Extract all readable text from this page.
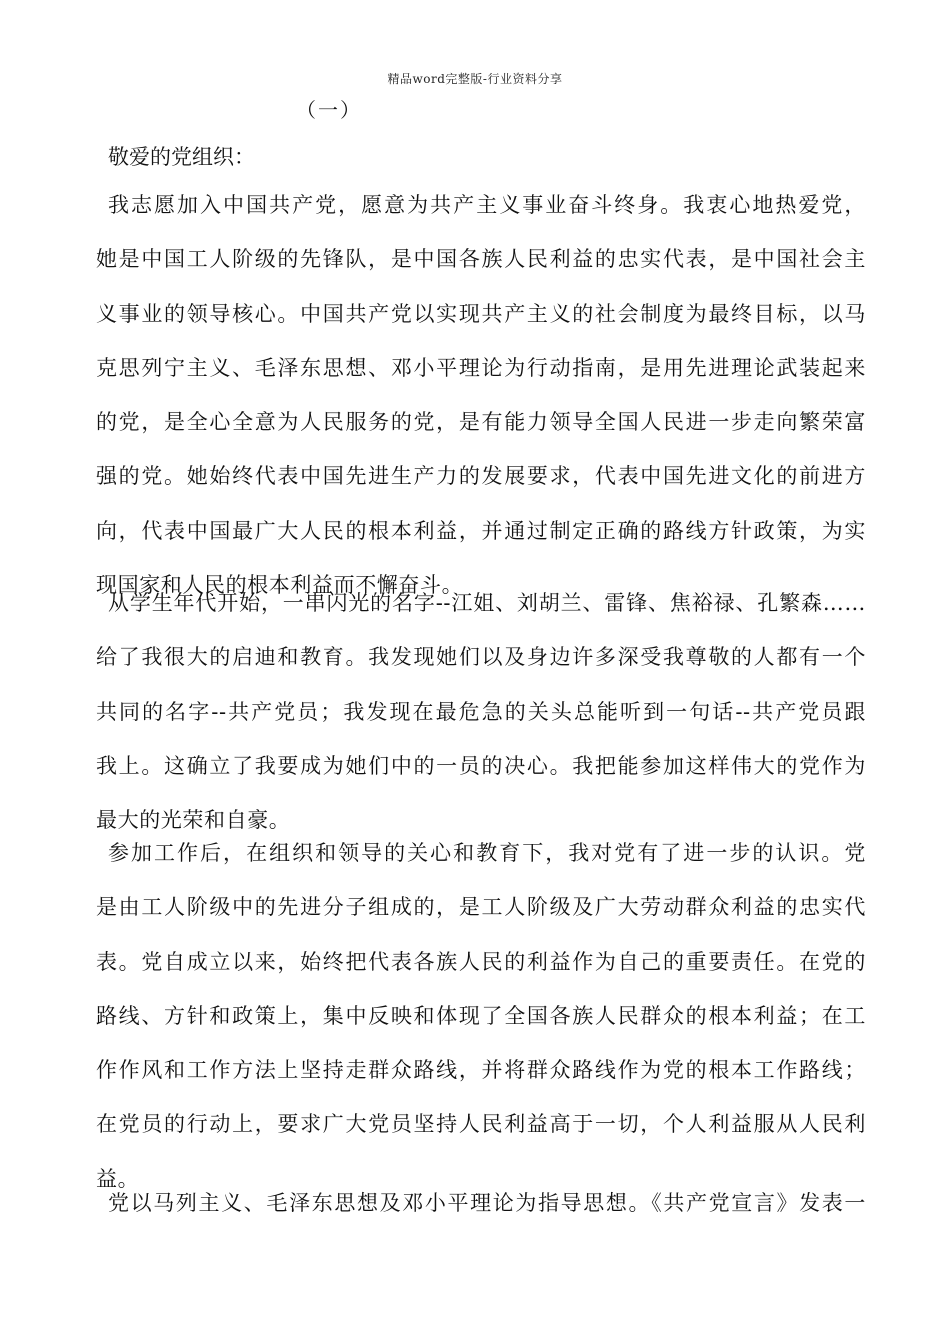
精品word完整版-行业资料分享
（一）
敬爱的党组织：
我志愿加入中国共产党，愿意为共产主义事业奋斗终身。我衷心地热爱党，
她是中国工人阶级的先锋队，是中国各族人民利益的忠实代表，是中国社会主
义事业的领导核心。中国共产党以实现共产主义的社会制度为最终目标，以马
克思列宁主义、毛泽东思想、邓小平理论为行动指南，是用先进理论武装起来
的党，是全心全意为人民服务的党，是有能力领导全国人民进一步走向繁荣富
强的党。她始终代表中国先进生产力的发展要求，代表中国先进文化的前进方
向，代表中国最广大人民的根本利益，并通过制定正确的路线方针政策，为实
现国家和人民的根本利益而不懈奋斗。
从学生年代开始，一串闪光的名字--江姐、刘胡兰、雷锋、焦裕禄、孔繁森……
给了我很大的启迪和教育。我发现她们以及身边许多深受我尊敬的人都有一个
共同的名字--共产党员；我发现在最危急的关头总能听到一句话--共产党员跟
我上。这确立了我要成为她们中的一员的决心。我把能参加这样伟大的党作为
最大的光荣和自豪。
参加工作后，在组织和领导的关心和教育下，我对党有了进一步的认识。党
是由工人阶级中的先进分子组成的，是工人阶级及广大劳动群众利益的忠实代
表。党自成立以来，始终把代表各族人民的利益作为自己的重要责任。在党的
路线、方针和政策上，集中反映和体现了全国各族人民群众的根本利益；在工
作作风和工作方法上坚持走群众路线，并将群众路线作为党的根本工作路线；
在党员的行动上，要求广大党员坚持人民利益高于一切，个人利益服从人民利
益。
党以马列主义、毛泽东思想及邓小平理论为指导思想。《共产党宣言》发表一
